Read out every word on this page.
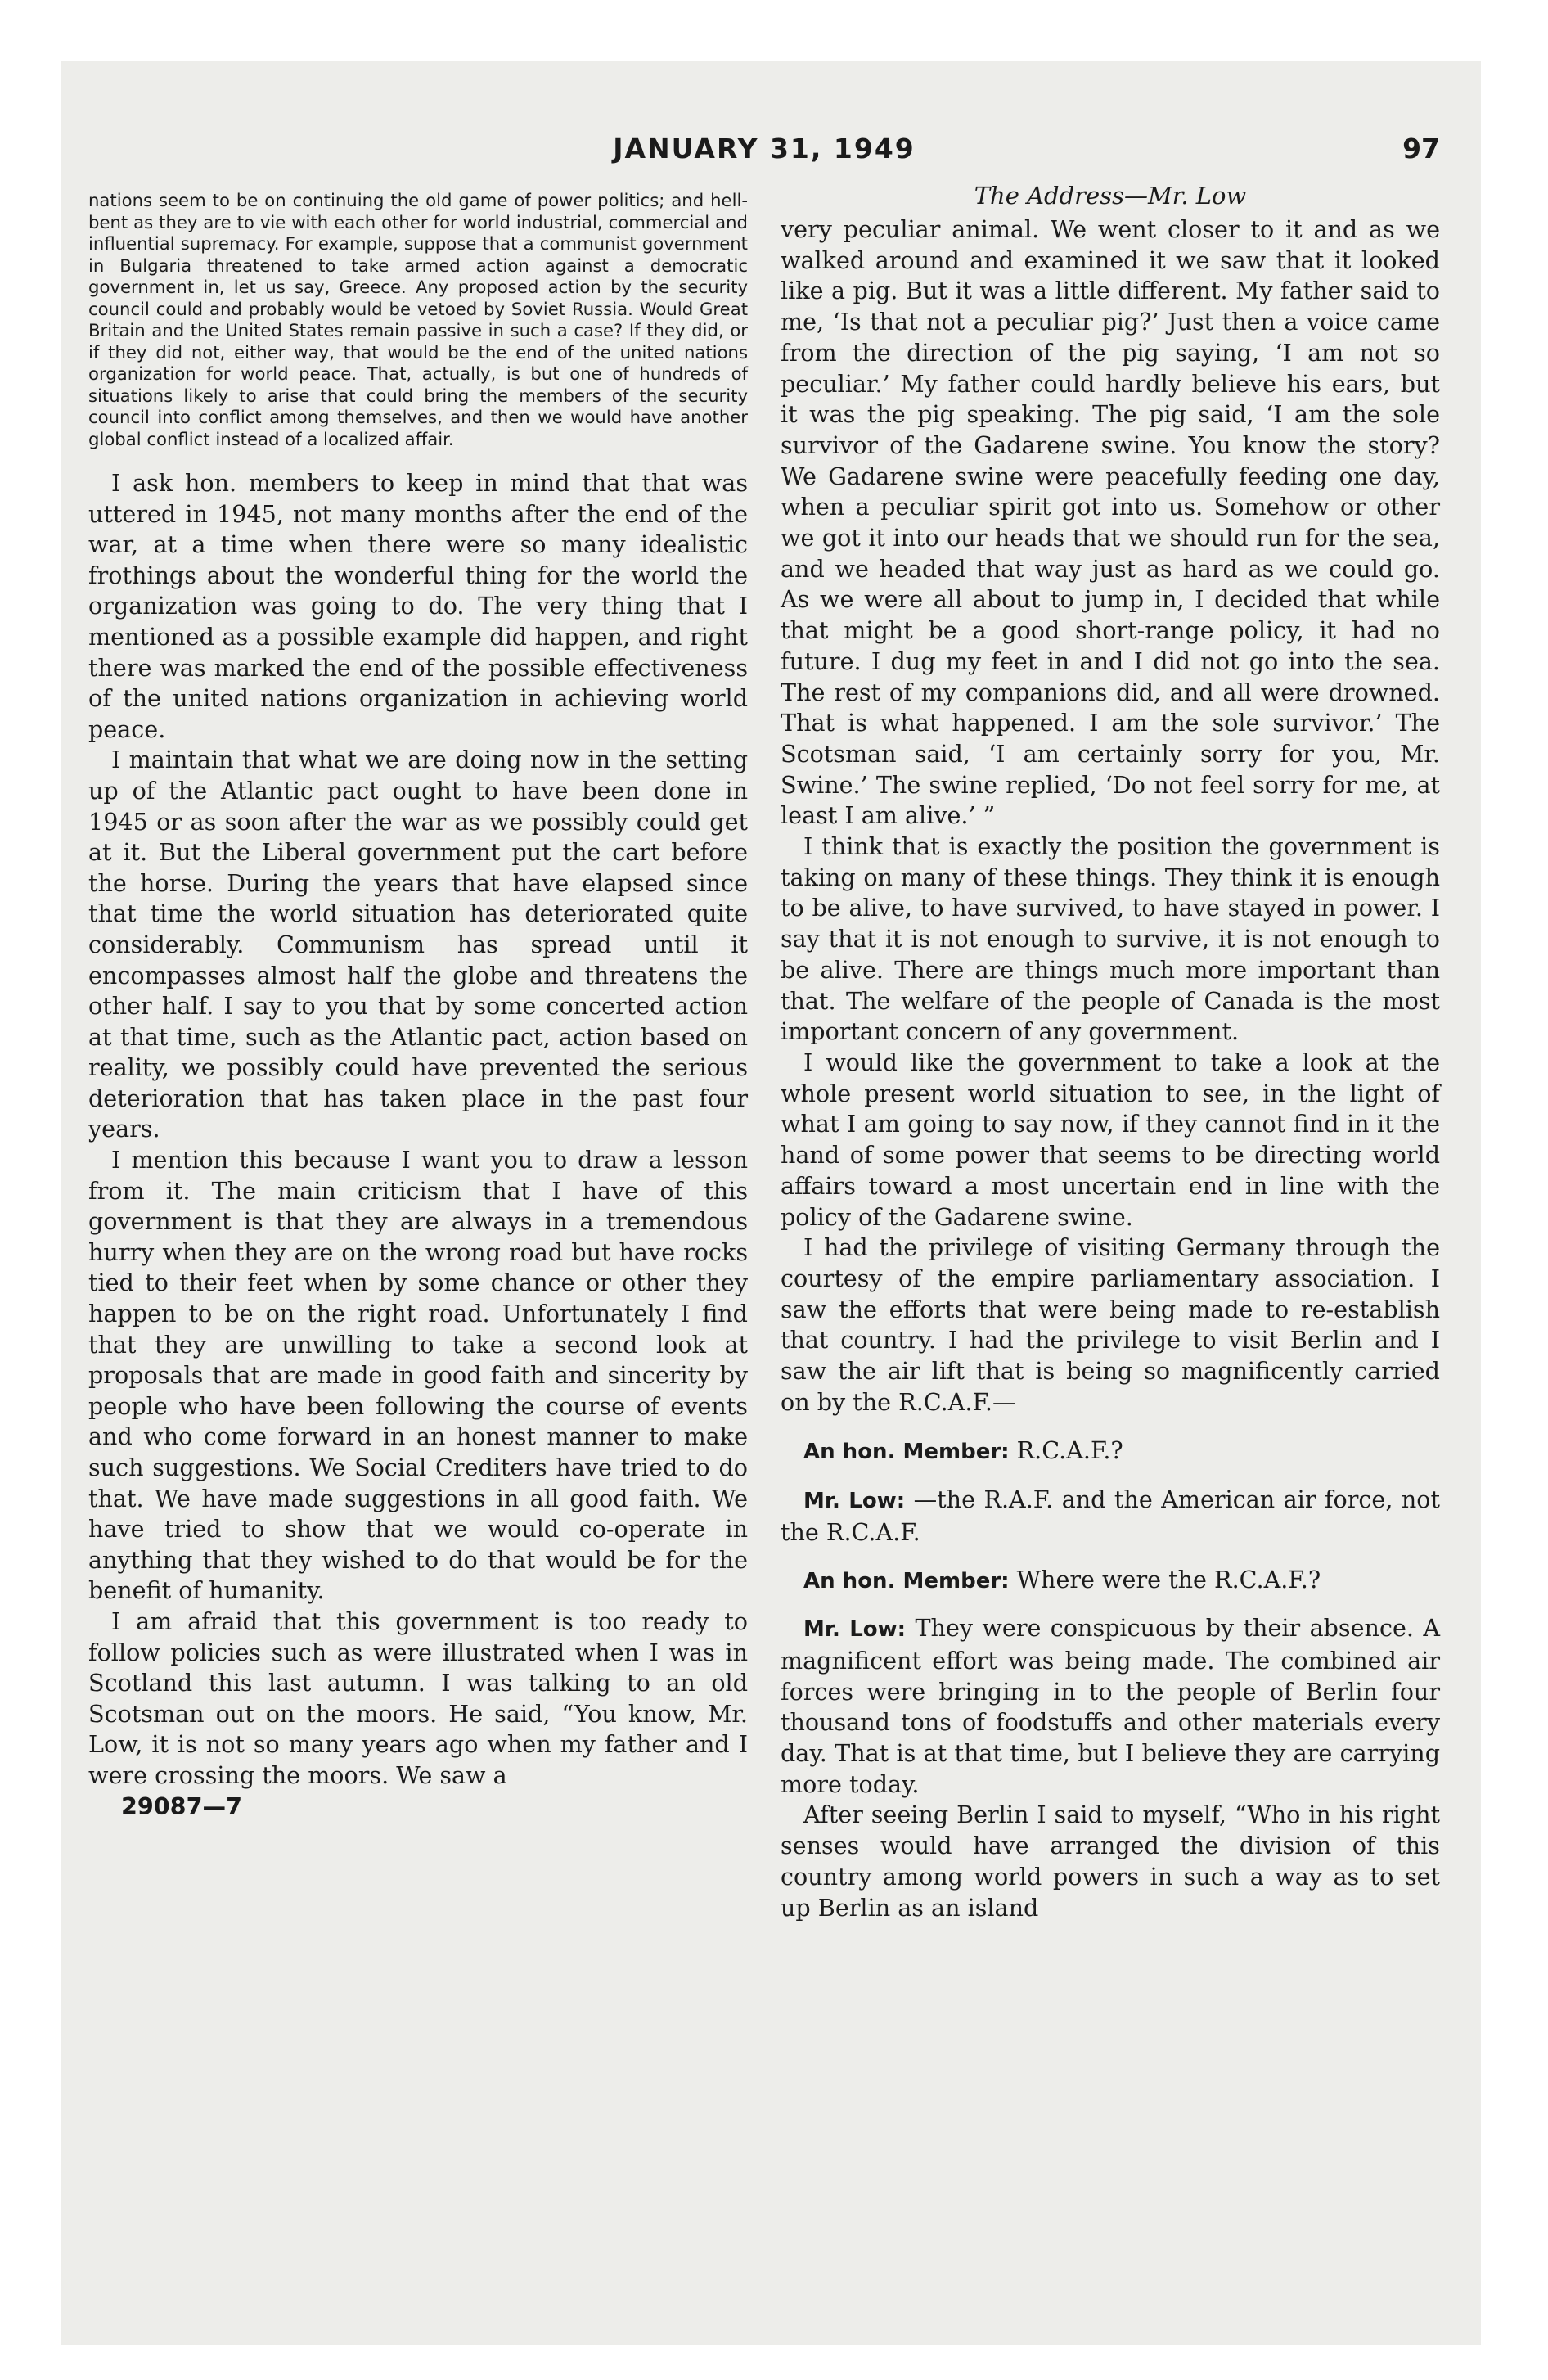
JANUARY 31, 1949	97

nations seem to be on continuing the old game of power politics; and hell-bent as they are to vie with each other for world industrial, commercial and influential supremacy. For example, suppose that a communist government in Bulgaria threatened to take armed action against a democratic government in, let us say, Greece. Any proposed action by the security council could and probably would be vetoed by Soviet Russia. Would Great Britain and the United States remain passive in such a case? If they did, or if they did not, either way, that would be the end of the united nations organization for world peace. That, actually, is but one of hundreds of situations likely to arise that could bring the members of the security council into conflict among themselves, and then we would have another global conflict instead of a localized affair.

I ask hon. members to keep in mind that that was uttered in 1945, not many months after the end of the war, at a time when there were so many idealistic frothings about the wonderful thing for the world the organization was going to do. The very thing that I mentioned as a possible example did happen, and right there was marked the end of the possible effectiveness of the united nations organization in achieving world peace.

I maintain that what we are doing now in the setting up of the Atlantic pact ought to have been done in 1945 or as soon after the war as we possibly could get at it. But the Liberal government put the cart before the horse. During the years that have elapsed since that time the world situation has deteriorated quite considerably. Communism has spread until it encompasses almost half the globe and threatens the other half. I say to you that by some concerted action at that time, such as the Atlantic pact, action based on reality, we possibly could have prevented the serious deterioration that has taken place in the past four years.

I mention this because I want you to draw a lesson from it. The main criticism that I have of this government is that they are always in a tremendous hurry when they are on the wrong road but have rocks tied to their feet when by some chance or other they happen to be on the right road. Unfortunately I find that they are unwilling to take a second look at proposals that are made in good faith and sincerity by people who have been following the course of events and who come forward in an honest manner to make such suggestions. We Social Crediters have tried to do that. We have made suggestions in all good faith. We have tried to show that we would co-operate in anything that they wished to do that would be for the benefit of humanity.

I am afraid that this government is too ready to follow policies such as were illustrated when I was in Scotland this last autumn. I was talking to an old Scotsman out on the moors. He said, “You know, Mr. Low, it is not so many years ago when my father and I were crossing the moors. We saw a

29087—7

The Address—Mr. Low

very peculiar animal. We went closer to it and as we walked around and examined it we saw that it looked like a pig. But it was a little different. My father said to me, ‘Is that not a peculiar pig?’ Just then a voice came from the direction of the pig saying, ‘I am not so peculiar.’ My father could hardly believe his ears, but it was the pig speaking. The pig said, ‘I am the sole survivor of the Gadarene swine. You know the story? We Gadarene swine were peacefully feeding one day, when a peculiar spirit got into us. Somehow or other we got it into our heads that we should run for the sea, and we headed that way just as hard as we could go. As we were all about to jump in, I decided that while that might be a good short-range policy, it had no future. I dug my feet in and I did not go into the sea. The rest of my companions did, and all were drowned. That is what happened. I am the sole survivor.’ The Scotsman said, ‘I am certainly sorry for you, Mr. Swine.’ The swine replied, ‘Do not feel sorry for me, at least I am alive.’ ”

I think that is exactly the position the government is taking on many of these things. They think it is enough to be alive, to have survived, to have stayed in power. I say that it is not enough to survive, it is not enough to be alive. There are things much more important than that. The welfare of the people of Canada is the most important concern of any government.

I would like the government to take a look at the whole present world situation to see, in the light of what I am going to say now, if they cannot find in it the hand of some power that seems to be directing world affairs toward a most uncertain end in line with the policy of the Gadarene swine.

I had the privilege of visiting Germany through the courtesy of the empire parliamentary association. I saw the efforts that were being made to re-establish that country. I had the privilege to visit Berlin and I saw the air lift that is being so magnificently carried on by the R.C.A.F.—

An hon. Member: R.C.A.F.?

Mr. Low: —the R.A.F. and the American air force, not the R.C.A.F.

An hon. Member: Where were the R.C.A.F.?

Mr. Low: They were conspicuous by their absence. A magnificent effort was being made. The combined air forces were bringing in to the people of Berlin four thousand tons of foodstuffs and other materials every day. That is at that time, but I believe they are carrying more today.

After seeing Berlin I said to myself, “Who in his right senses would have arranged the division of this country among world powers in such a way as to set up Berlin as an island
